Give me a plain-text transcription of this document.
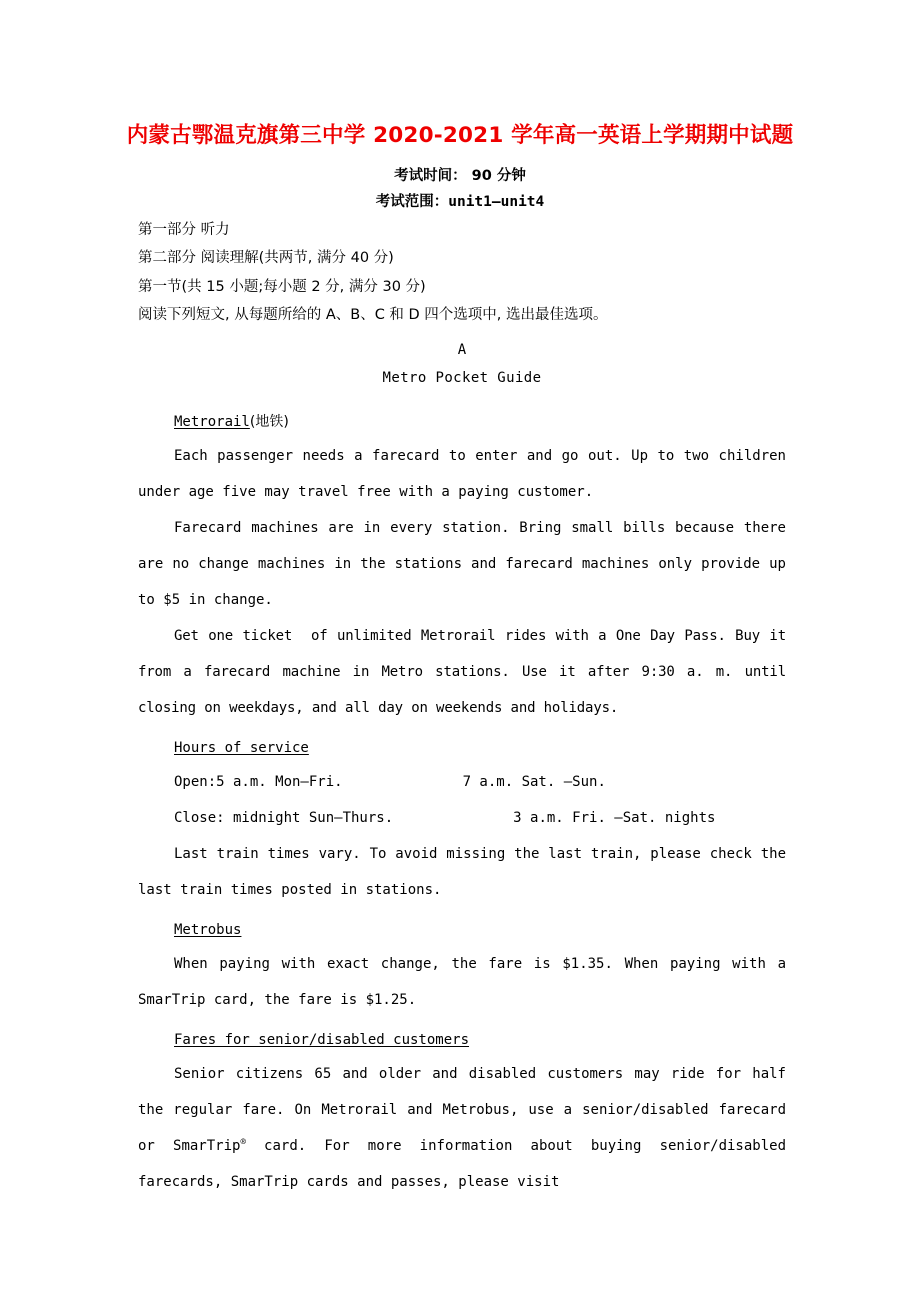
内蒙古鄂温克旗第三中学 2020-2021 学年高一英语上学期期中试题
考试时间： 90 分钟
考试范围：unit1—unit4
第一部分 听力
第二部分 阅读理解(共两节, 满分 40 分)
第一节(共 15 小题;每小题 2 分, 满分 30 分)
阅读下列短文, 从每题所给的 A、B、C 和 D 四个选项中, 选出最佳选项。
A
Metro Pocket Guide
Metrorail(地铁)

Each passenger needs a farecard to enter and go out. Up to two children under age five may travel free with a paying customer.

Farecard machines are in every station. Bring small bills because there are no change machines in the stations and farecard machines only provide up to $5 in change.

Get one ticket  of unlimited Metrorail rides with a One Day Pass. Buy it from a farecard machine in Metro stations. Use it after 9:30 a. m. until closing on weekdays, and all day on weekends and holidays.

Hours of service
Open:5 a.m. Mon—Fri.	7 a.m. Sat. —Sun.
Close: midnight Sun—Thurs.	3 a.m. Fri. —Sat. nights

Last train times vary. To avoid missing the last train, please check the last train times posted in stations.

Metrobus

When paying with exact change, the fare is $1.35. When paying with a SmarTrip card, the fare is $1.25.

Fares for senior/disabled customers

Senior citizens 65 and older and disabled customers may ride for half the regular fare. On Metrorail and Metrobus, use a senior/disabled farecard or SmarTrip® card. For more information about buying senior/disabled farecards, SmarTrip cards and passes, please visit
